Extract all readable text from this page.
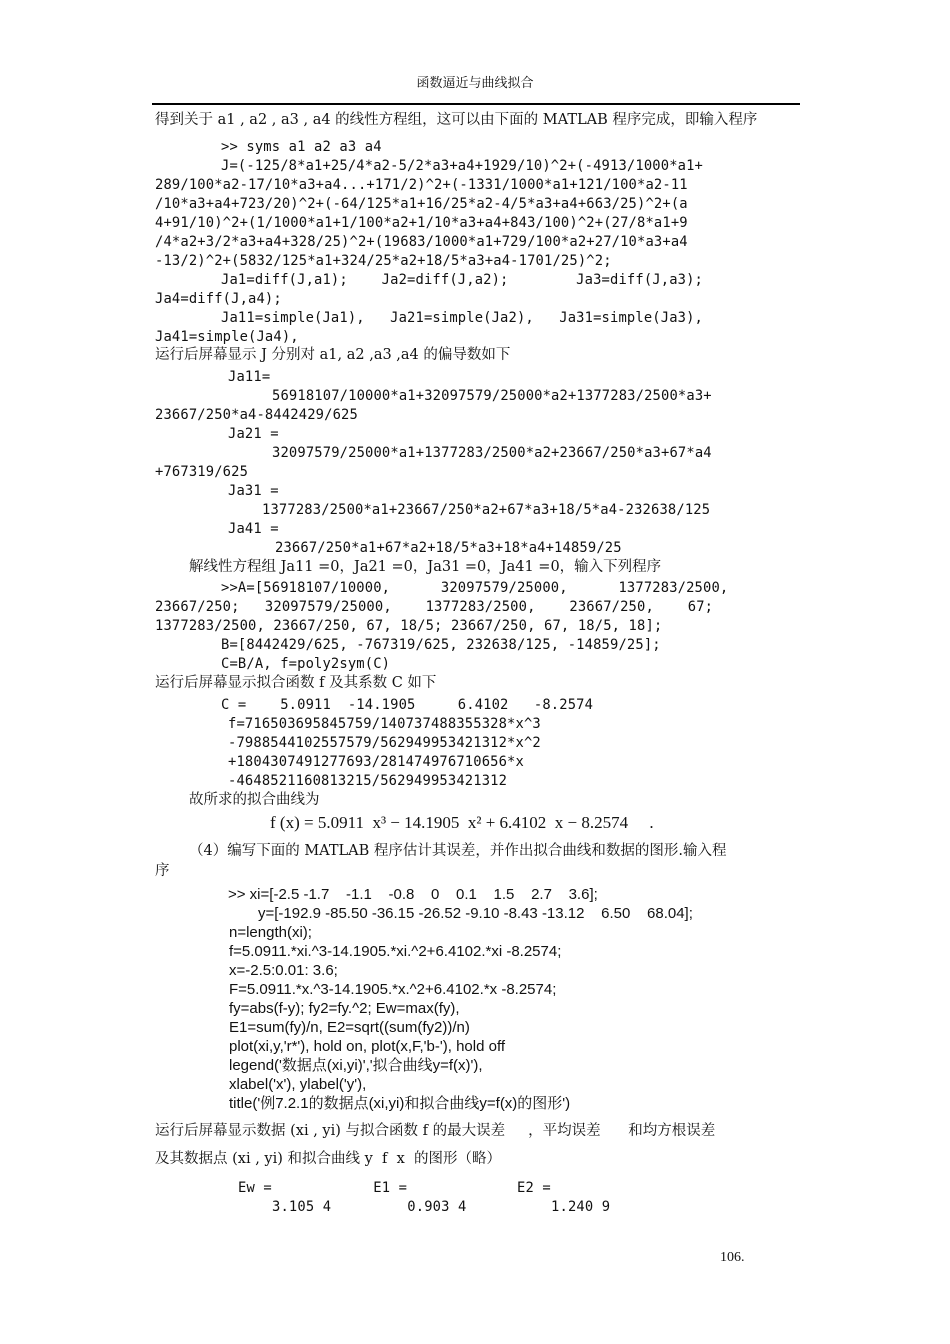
函数逼近与曲线拟合
得到关于 a1 , a2 , a3 , a4 的线性方程组，这可以由下面的 MATLAB 程序完成，即输入程序
>> syms a1 a2 a3 a4
J=(-125/8*a1+25/4*a2-5/2*a3+a4+1929/10)^2+(-4913/1000*a1+
289/100*a2-17/10*a3+a4...+171/2)^2+(-1331/1000*a1+121/100*a2-11
/10*a3+a4+723/20)^2+(-64/125*a1+16/25*a2-4/5*a3+a4+663/25)^2+(a
4+91/10)^2+(1/1000*a1+1/100*a2+1/10*a3+a4+843/100)^2+(27/8*a1+9
/4*a2+3/2*a3+a4+328/25)^2+(19683/1000*a1+729/100*a2+27/10*a3+a4
-13/2)^2+(5832/125*a1+324/25*a2+18/5*a3+a4-1701/25)^2;
Ja1=diff(J,a1);    Ja2=diff(J,a2);        Ja3=diff(J,a3);
Ja4=diff(J,a4);
Ja11=simple(Ja1),   Ja21=simple(Ja2),   Ja31=simple(Ja3),
Ja41=simple(Ja4),
运行后屏幕显示 J 分别对 a1, a2 ,a3 ,a4 的偏导数如下
Ja11=
56918107/10000*a1+32097579/25000*a2+1377283/2500*a3+
23667/250*a4-8442429/625
Ja21 =
32097579/25000*a1+1377283/2500*a2+23667/250*a3+67*a4
+767319/625
Ja31 =
1377283/2500*a1+23667/250*a2+67*a3+18/5*a4-232638/125
Ja41 =
23667/250*a1+67*a2+18/5*a3+18*a4+14859/25
解线性方程组 Ja11 =0，Ja21 =0，Ja31 =0，Ja41 =0，输入下列程序
>>A=[56918107/10000,      32097579/25000,      1377283/2500,
23667/250;   32097579/25000,    1377283/2500,    23667/250,    67;
1377283/2500, 23667/250, 67, 18/5; 23667/250, 67, 18/5, 18];
B=[8442429/625, -767319/625, 232638/125, -14859/25];
C=B/A, f=poly2sym(C)
运行后屏幕显示拟合函数 f 及其系数 C 如下
C =    5.0911  -14.1905     6.4102   -8.2574
f=716503695845759/140737488355328*x^3
-7988544102557579/562949953421312*x^2
+1804307491277693/281474976710656*x
-4648521160813215/562949953421312
故所求的拟合曲线为
f (x) = 5.0911  x³ − 14.1905  x² + 6.4102  x − 8.2574     .
（4）编写下面的 MATLAB 程序估计其误差，并作出拟合曲线和数据的图形.输入程
序
>> xi=[-2.5 -1.7    -1.1    -0.8    0    0.1    1.5    2.7    3.6];
y=[-192.9 -85.50 -36.15 -26.52 -9.10 -8.43 -13.12    6.50    68.04];
n=length(xi);
f=5.0911.*xi.^3-14.1905.*xi.^2+6.4102.*xi -8.2574;
x=-2.5:0.01: 3.6;
F=5.0911.*x.^3-14.1905.*x.^2+6.4102.*x -8.2574;
fy=abs(f-y); fy2=fy.^2; Ew=max(fy),
E1=sum(fy)/n, E2=sqrt((sum(fy2))/n)
plot(xi,y,'r*'), hold on, plot(x,F,'b-'), hold off
legend('数据点(xi,yi)','拟合曲线y=f(x)'),
xlabel('x'), ylabel('y'),
title('例7.2.1的数据点(xi,yi)和拟合曲线y=f(x)的图形')
运行后屏幕显示数据 (xi , yi) 与拟合函数 f 的最大误差     ，平均误差      和均方根误差
及其数据点 (xi , yi) 和拟合曲线 y  f  x  的图形（略）
Ew =            E1 =             E2 =
3.105 4         0.903 4          1.240 9
106.
